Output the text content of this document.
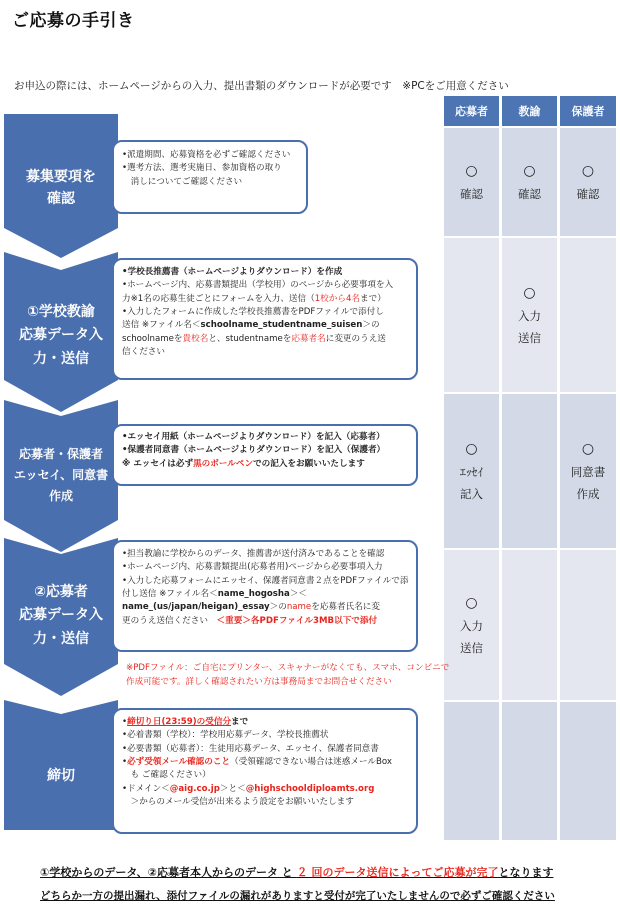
ご応募の手引き
お申込の際には、ホームページからの入力、提出書類のダウンロードが必要です　※PCをご用意ください
応募者	教諭	保護者
○
確認
○
確認
○
確認
○
入力
送信
○
ｴｯｾｲ
記入
○
同意書
作成
○
入力
送信
募集要項を
確認
①学校教諭
応募データ入
力・送信
応募者・保護者
エッセイ、同意書
作成
②応募者
応募データ入
力・送信
締切
•派遣期間、応募資格を必ずご確認ください
•選考方法、選考実施日、参加資格の取り
　消しについてご確認ください
•学校長推薦書（ホームページよりダウンロード）を作成
•ホームページ内、応募書類提出（学校用）のページから必要事項を入
力※1名の応募生徒ごとにフォームを入力、送信（1校から4名まで）
•入力したフォームに作成した学校長推薦書をPDFファイルで添付し
送信 ※ファイル名＜schoolname_studentname_suisen＞の
schoolnameを貴校名と、studentnameを応募者名に変更のうえ送
信ください
•エッセイ用紙（ホームページよりダウンロード）を記入（応募者）
•保護者同意書（ホームページよりダウンロード）を記入（保護者）
※ エッセイは必ず黒のボールペンでの記入をお願いいたします
•担当教諭に学校からのデータ、推薦書が送付済みであることを確認
•ホームページ内、応募書類提出(応募者用)ページから必要事項入力
•入力した応募フォームにエッセイ、保護者同意書２点をPDFファイルで添
付し送信 ※ファイル名＜name_hogosha＞＜
name_(us/japan/heigan)_essay＞のnameを応募者氏名に変
更のうえ送信ください　＜重要＞各PDFファイル3MB以下で添付
※PDFファイル：ご自宅にプリンター、スキャナーがなくても、スマホ、コンビニで
作成可能です。詳しく確認されたい方は事務局までお問合せください
•締切り日(23:59)の受信分まで
•必着書類（学校）：学校用応募データ、学校長推薦状
•必要書類（応募者）：生徒用応募データ、エッセイ、保護者同意書
•必ず受領メール確認のこと（受領確認できない場合は迷惑メールBox
　も ご確認ください）
•ドメイン＜@aig.co.jp＞と＜@highschooldiploamts.org
　＞からのメール受信が出来るよう設定をお願いいたします
①学校からのデータ、②応募者本人からのデータ と ２ 回のデータ送信によってご応募が完了となります
どちらか一方の提出漏れ、添付ファイルの漏れがありますと受付が完了いたしませんので必ずご確認ください
